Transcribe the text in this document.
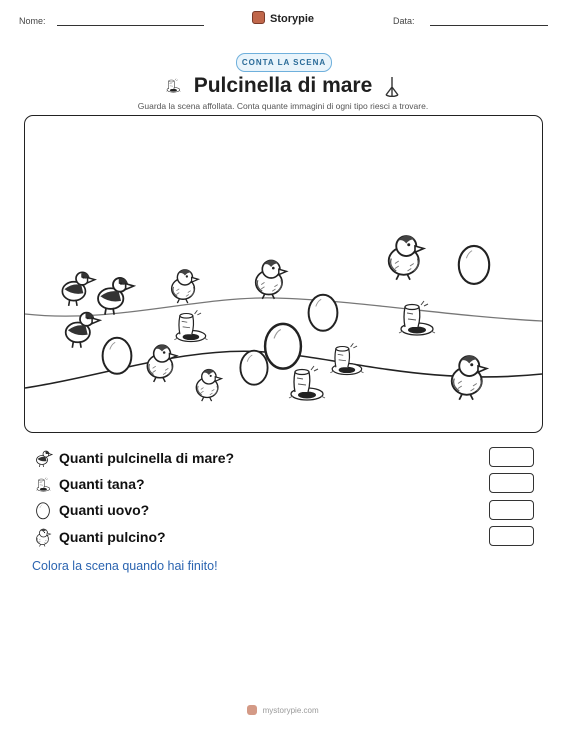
Nome:	Storypie	Data:
CONTA LA SCENA
Pulcinella di mare
Guarda la scena affollata. Conta quante immagini di ogni tipo riesci a trovare.
Quanti pulcinella di mare?
Quanti tana?
Quanti uovo?
Quanti pulcino?
Colora la scena quando hai finito!
mystorypie.com
